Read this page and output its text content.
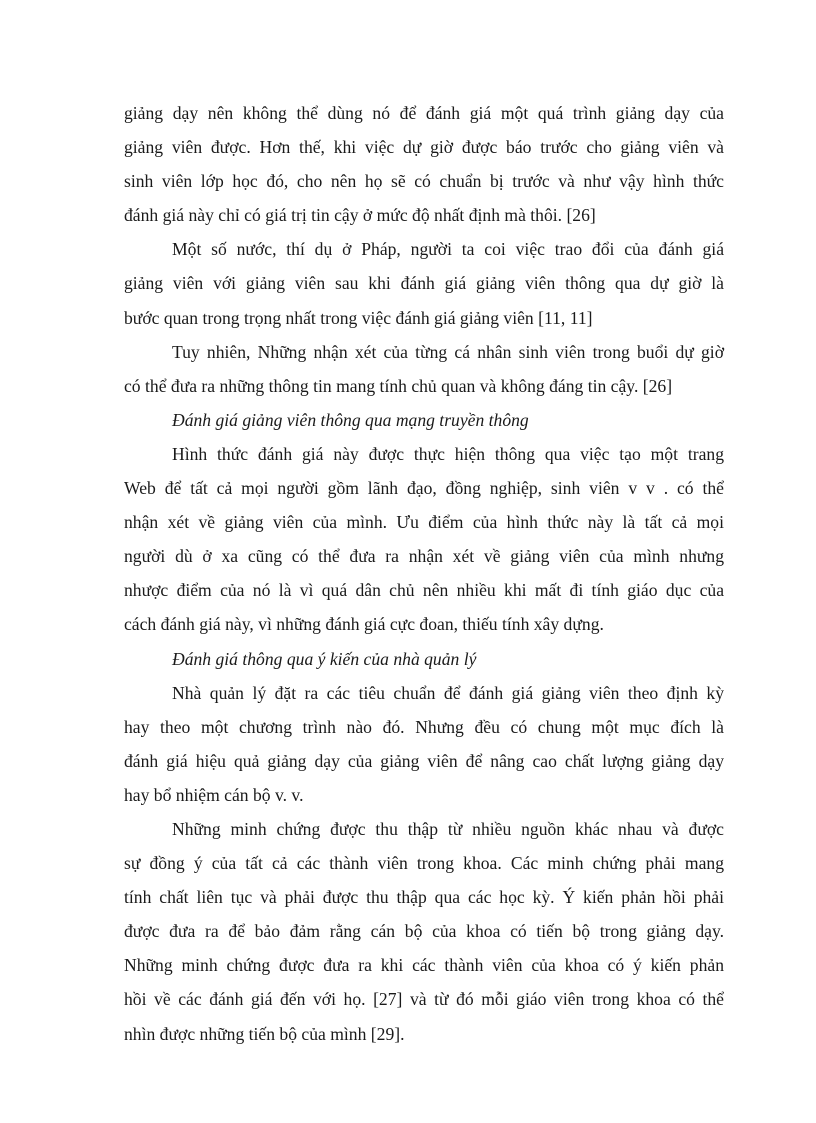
giảng dạy nên không thể dùng nó để đánh giá một quá trình giảng dạy của
giảng viên được. Hơn thế, khi việc dự giờ được báo trước cho giảng viên và
sinh viên lớp học đó, cho nên họ sẽ có chuẩn bị trước và như vậy hình thức
đánh giá này chỉ có giá trị tin cậy ở mức độ nhất định mà thôi. [26]
Một số nước, thí dụ ở Pháp, người ta coi việc trao đổi của đánh giá
giảng viên với giảng viên sau khi đánh giá giảng viên thông qua dự giờ là
bước quan trong trọng nhất trong việc đánh giá giảng viên [11, 11]
Tuy nhiên, Những nhận xét của từng cá nhân sinh viên trong buổi dự giờ
có thể đưa ra những thông tin mang tính chủ quan và không đáng tin cậy. [26]
Đánh giá giảng viên thông qua mạng truyền thông
Hình thức đánh giá này được thực hiện thông qua việc tạo một trang
Web để tất cả mọi người gồm lãnh đạo, đồng nghiệp, sinh viên v v . có thể
nhận xét về giảng viên của mình. Ưu điểm của hình thức này là tất cả mọi
người dù ở xa cũng có thể đưa ra nhận xét về giảng viên của mình nhưng
nhược điểm của nó là vì quá dân chủ nên nhiều khi mất đi tính giáo dục của
cách đánh giá này, vì những đánh giá cực đoan, thiếu tính xây dựng.
Đánh giá thông qua ý kiến của nhà quản lý
Nhà quản lý đặt ra các tiêu chuẩn để đánh giá giảng viên theo định kỳ
hay theo một chương trình nào đó. Nhưng đều có chung một mục đích là
đánh giá hiệu quả giảng dạy của giảng viên để nâng cao chất lượng giảng dạy
hay bổ nhiệm cán bộ v. v.
Những minh chứng được thu thập từ nhiều nguồn khác nhau và được
sự đồng ý của tất cả các thành viên trong khoa. Các minh chứng phải mang
tính chất liên tục và phải được thu thập qua các học kỳ. Ý kiến phản hồi phải
được đưa ra để bảo đảm rằng cán bộ của khoa có tiến bộ trong giảng dạy.
Những minh chứng được đưa ra khi các thành viên của khoa có ý kiến phản
hồi về các đánh giá đến với họ. [27] và từ đó mỗi giáo viên trong khoa có thể
nhìn được những tiến bộ của mình [29].
